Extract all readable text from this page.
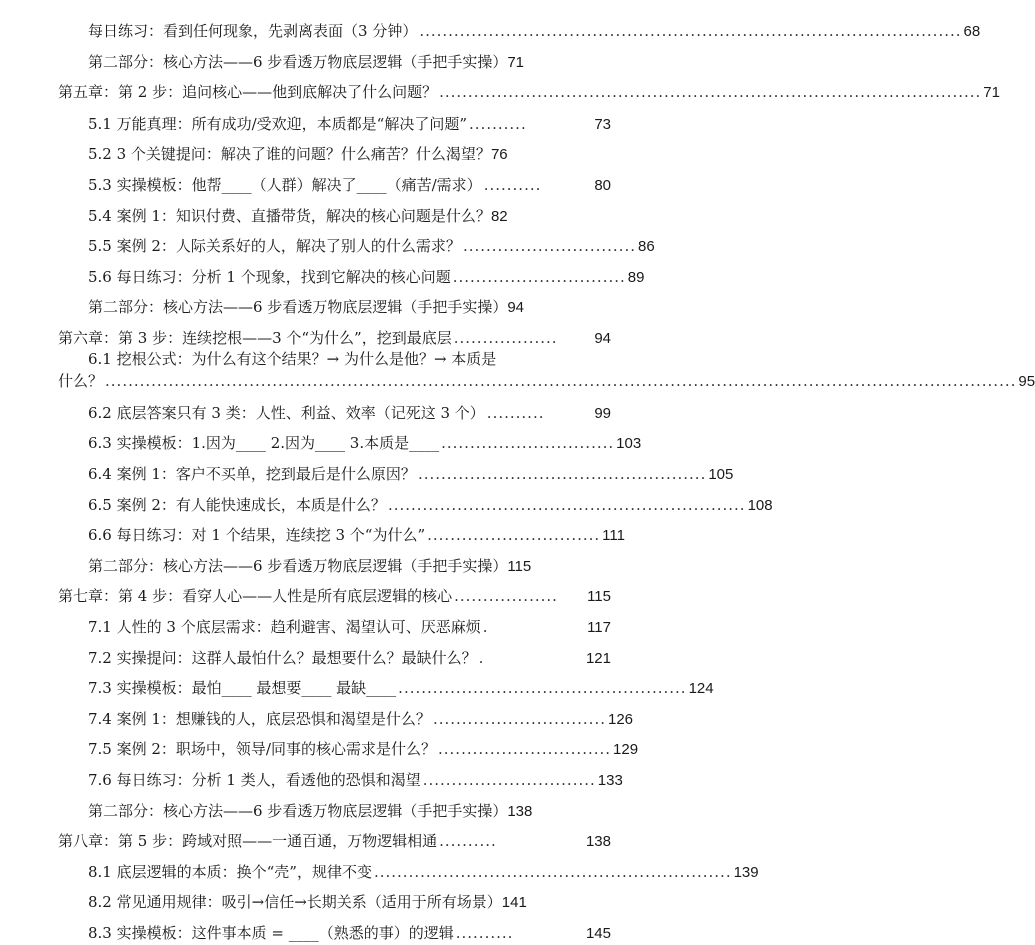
每日练习：看到任何现象，先剥离表面（3 分钟） .............................................................................................. 68
第二部分：核心方法——6 步看透万物底层逻辑（手把手实操） 71
第五章：第 2 步：追问核心——他到底解决了什么问题？ .............................................................................................. 71
5.1 万能真理：所有成功/受欢迎，本质都是“解决了问题” ..........	73
5.2 3 个关键提问：解决了谁的问题？什么痛苦？什么渴望？ 76
5.3 实操模板：他帮____（人群）解决了____（痛苦/需求） ..........	80
5.4 案例 1：知识付费、直播带货，解决的核心问题是什么？ 82
5.5 案例 2：人际关系好的人，解决了别人的什么需求？ .............................. 86
5.6 每日练习：分析 1 个现象，找到它解决的核心问题 .............................. 89
第二部分：核心方法——6 步看透万物底层逻辑（手把手实操） 94
第六章：第 3 步：连续挖根——3 个“为什么”，挖到最底层 ..................	94
6.1 挖根公式：为什么有这个结果？→ 为什么是他？→ 本质是
什么？ .............................................................................................................................................................. 95
6.2 底层答案只有 3 类：人性、利益、效率（记死这 3 个） ..........	99
6.3 实操模板：1.因为____ 2.因为____ 3.本质是____ .............................. 103
6.4 案例 1：客户不买单，挖到最后是什么原因？ .................................................. 105
6.5 案例 2：有人能快速成长，本质是什么？ .............................................................. 108
6.6 每日练习：对 1 个结果，连续挖 3 个“为什么” .............................. 111
第二部分：核心方法——6 步看透万物底层逻辑（手把手实操） 115
第七章：第 4 步：看穿人心——人性是所有底层逻辑的核心 ..................	115
7.1 人性的 3 个底层需求：趋利避害、渴望认可、厌恶麻烦 .	117
7.2 实操提问：这群人最怕什么？最想要什么？最缺什么？ .	121
7.3 实操模板：最怕____ 最想要____ 最缺____ .................................................. 124
7.4 案例 1：想赚钱的人，底层恐惧和渴望是什么？ .............................. 126
7.5 案例 2：职场中，领导/同事的核心需求是什么？ .............................. 129
7.6 每日练习：分析 1 类人，看透他的恐惧和渴望 .............................. 133
第二部分：核心方法——6 步看透万物底层逻辑（手把手实操） 138
第八章：第 5 步：跨域对照——一通百通，万物逻辑相通 ..........	138
8.1 底层逻辑的本质：换个“壳”，规律不变 .............................................................. 139
8.2 常见通用规律：吸引→信任→长期关系（适用于所有场景） 141
8.3 实操模板：这件事本质 = ____（熟悉的事）的逻辑 ..........	145
